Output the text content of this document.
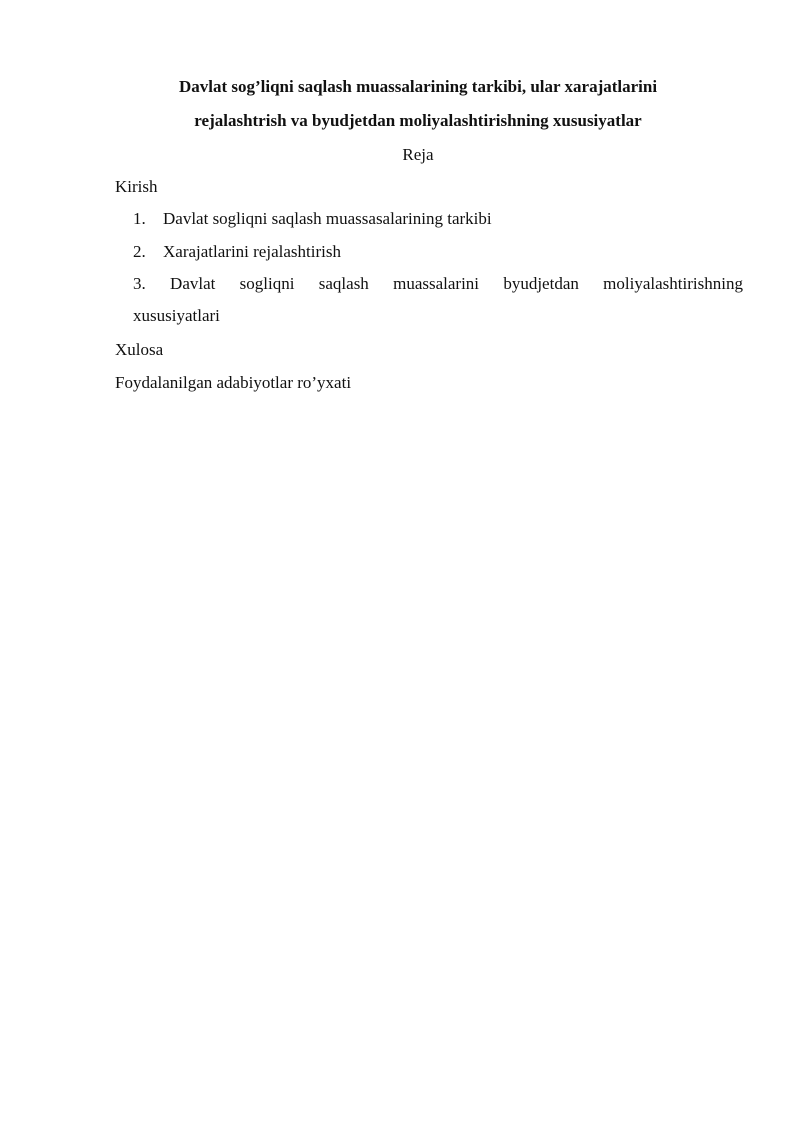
Davlat sog’liqni saqlash muassalarining tarkibi, ular xarajatlarini
rejalashtrish va byudjetdan moliyalashtirishning xususiyatlar
Reja
Kirish
1. Davlat sogliqni saqlash muassasalarining tarkibi
2. Xarajatlarini rejalashtirish
3. Davlat sogliqni saqlash muassalarini byudjetdan moliyalashtirishning
xususiyatlari
Xulosa
Foydalanilgan adabiyotlar ro’yxati
